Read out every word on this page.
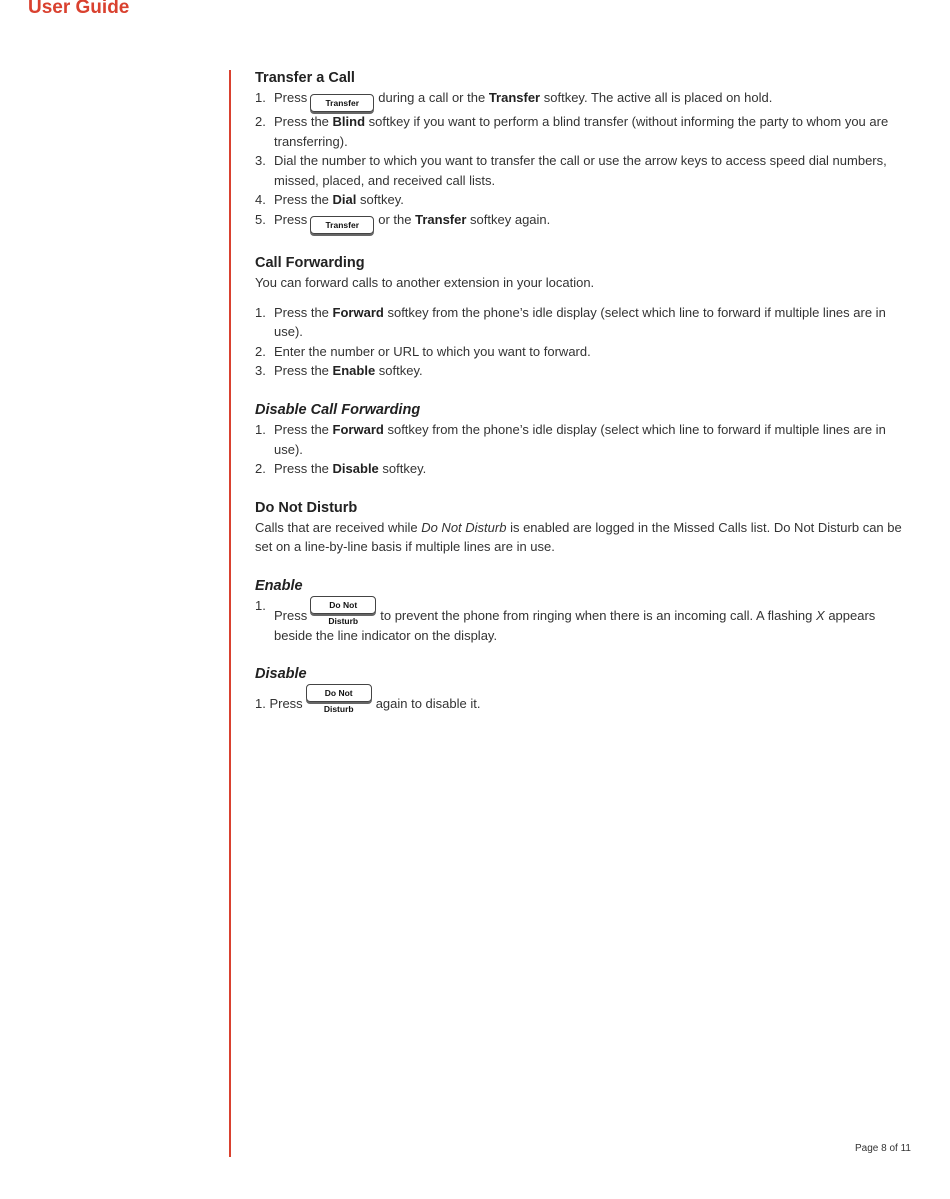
User Guide
Transfer a Call
1. Press Transfer during a call or the Transfer softkey. The active all is placed on hold.
2. Press the Blind softkey if you want to perform a blind transfer (without informing the party to whom you are transferring).
3. Dial the number to which you want to transfer the call or use the arrow keys to access speed dial numbers, missed, placed, and received call lists.
4. Press the Dial softkey.
5. Press Transfer or the Transfer softkey again.
Call Forwarding

You can forward calls to another extension in your location.

1. Press the Forward softkey from the phone’s idle display (select which line to forward if multiple lines are in use).
2. Enter the number or URL to which you want to forward.
3. Press the Enable softkey.
Disable Call Forwarding
1. Press the Forward softkey from the phone’s idle display (select which line to forward if multiple lines are in use).
2. Press the Disable softkey.
Do Not Disturb

Calls that are received while Do Not Disturb is enabled are logged in the Missed Calls list. Do Not Disturb can be set on a line-by-line basis if multiple lines are in use.

Enable
1.
PressDo Not Disturb to prevent the phone from ringing when there is an incoming call. A flashing X appears beside the line indicator on the display.
Disable

1. PressDo Not Disturb again to disable it.

Page 8 of 11
